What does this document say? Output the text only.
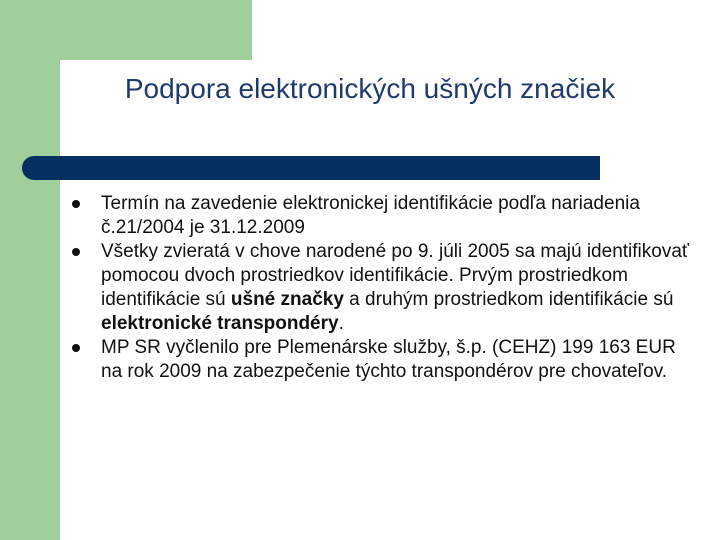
Podpora elektronických ušných značiek
Termín na zavedenie elektronickej identifikácie podľa nariadenia č.21/2004 je 31.12.2009
Všetky zvieratá v chove narodené po 9. júli 2005 sa majú identifikovať pomocou dvoch prostriedkov identifikácie. Prvým prostriedkom identifikácie sú ušné značky a druhým prostriedkom identifikácie sú elektronické transpondéry.
MP SR vyčlenilo pre Plemenárske služby, š.p. (CEHZ) 199 163 EUR na rok 2009 na zabezpečenie týchto transpondérov pre chovateľov.
